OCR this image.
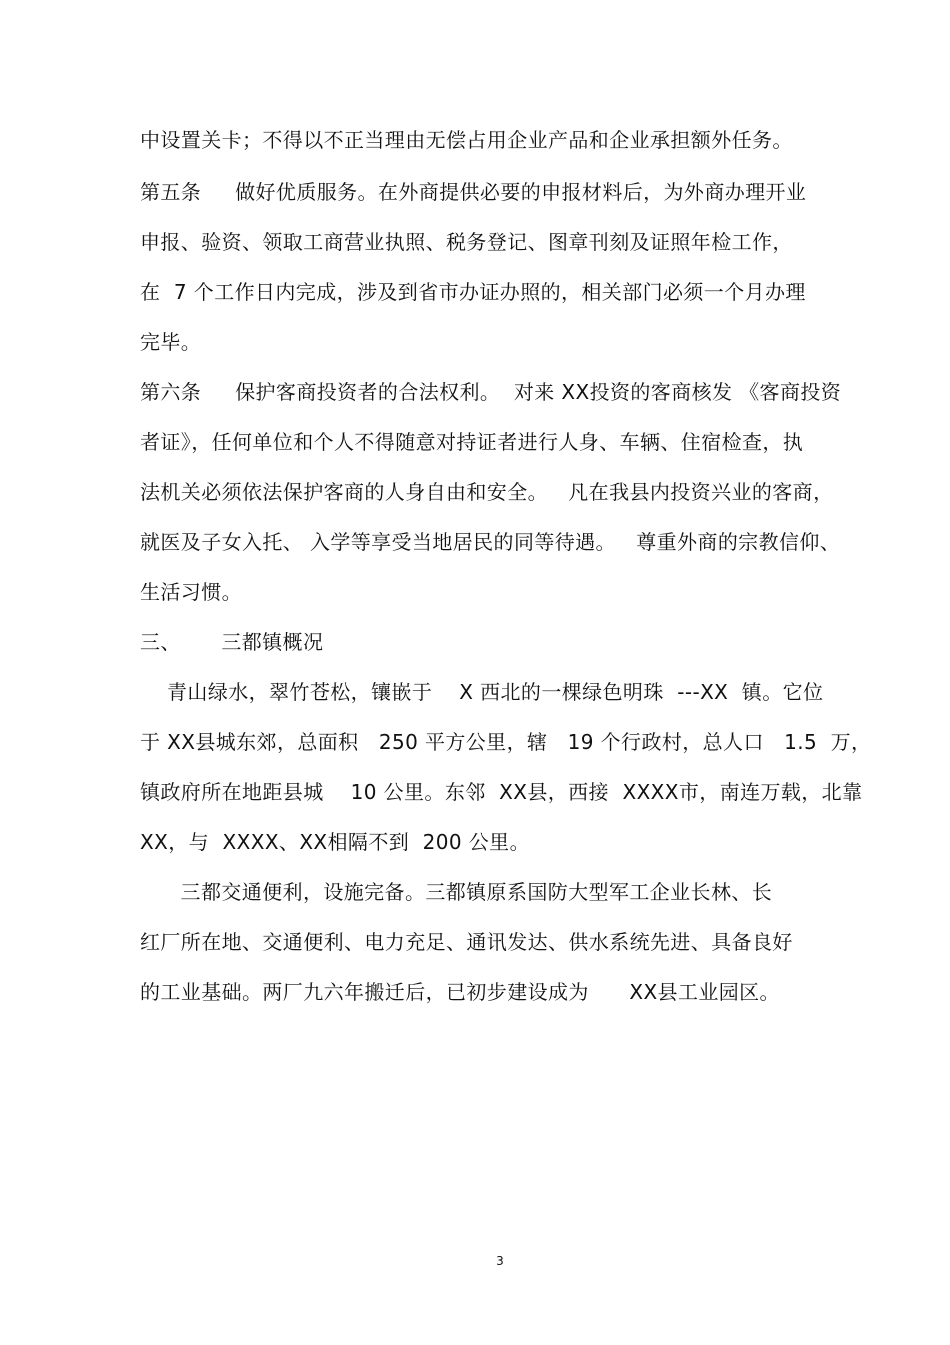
中设置关卡；不得以不正当理由无偿占用企业产品和企业承担额外任务。
第五条　  做好优质服务。在外商提供必要的申报材料后，为外商办理开业
申报、验资、领取工商营业执照、税务登记、图章刊刻及证照年检工作，
在  7 个工作日内完成，涉及到省市办证办照的，相关部门必须一个月办理
完毕。
第六条　  保护客商投资者的合法权利。  对来 XX投资的客商核发 《客商投资
者证》，任何单位和个人不得随意对持证者进行人身、车辆、住宿检查，执
法机关必须依法保护客商的人身自由和安全。   凡在我县内投资兴业的客商，
就医及子女入托、 入学等享受当地居民的同等待遇。   尊重外商的宗教信仰、
生活习惯。
三、      三都镇概况
青山绿水，翠竹苍松，镶嵌于    X 西北的一棵绿色明珠  ---XX  镇。它位
于 XX县城东郊，总面积   250 平方公里，辖   19 个行政村，总人口   1.5  万，
镇政府所在地距县城    10 公里。东邻  XX县，西接  XXXX市，南连万载，北靠
XX，与  XXXX、XX相隔不到  200 公里。
三都交通便利，设施完备。三都镇原系国防大型军工企业长林、长
红厂所在地、交通便利、电力充足、通讯发达、供水系统先进、具备良好
的工业基础。两厂九六年搬迁后，已初步建设成为      XX县工业园区。
3
